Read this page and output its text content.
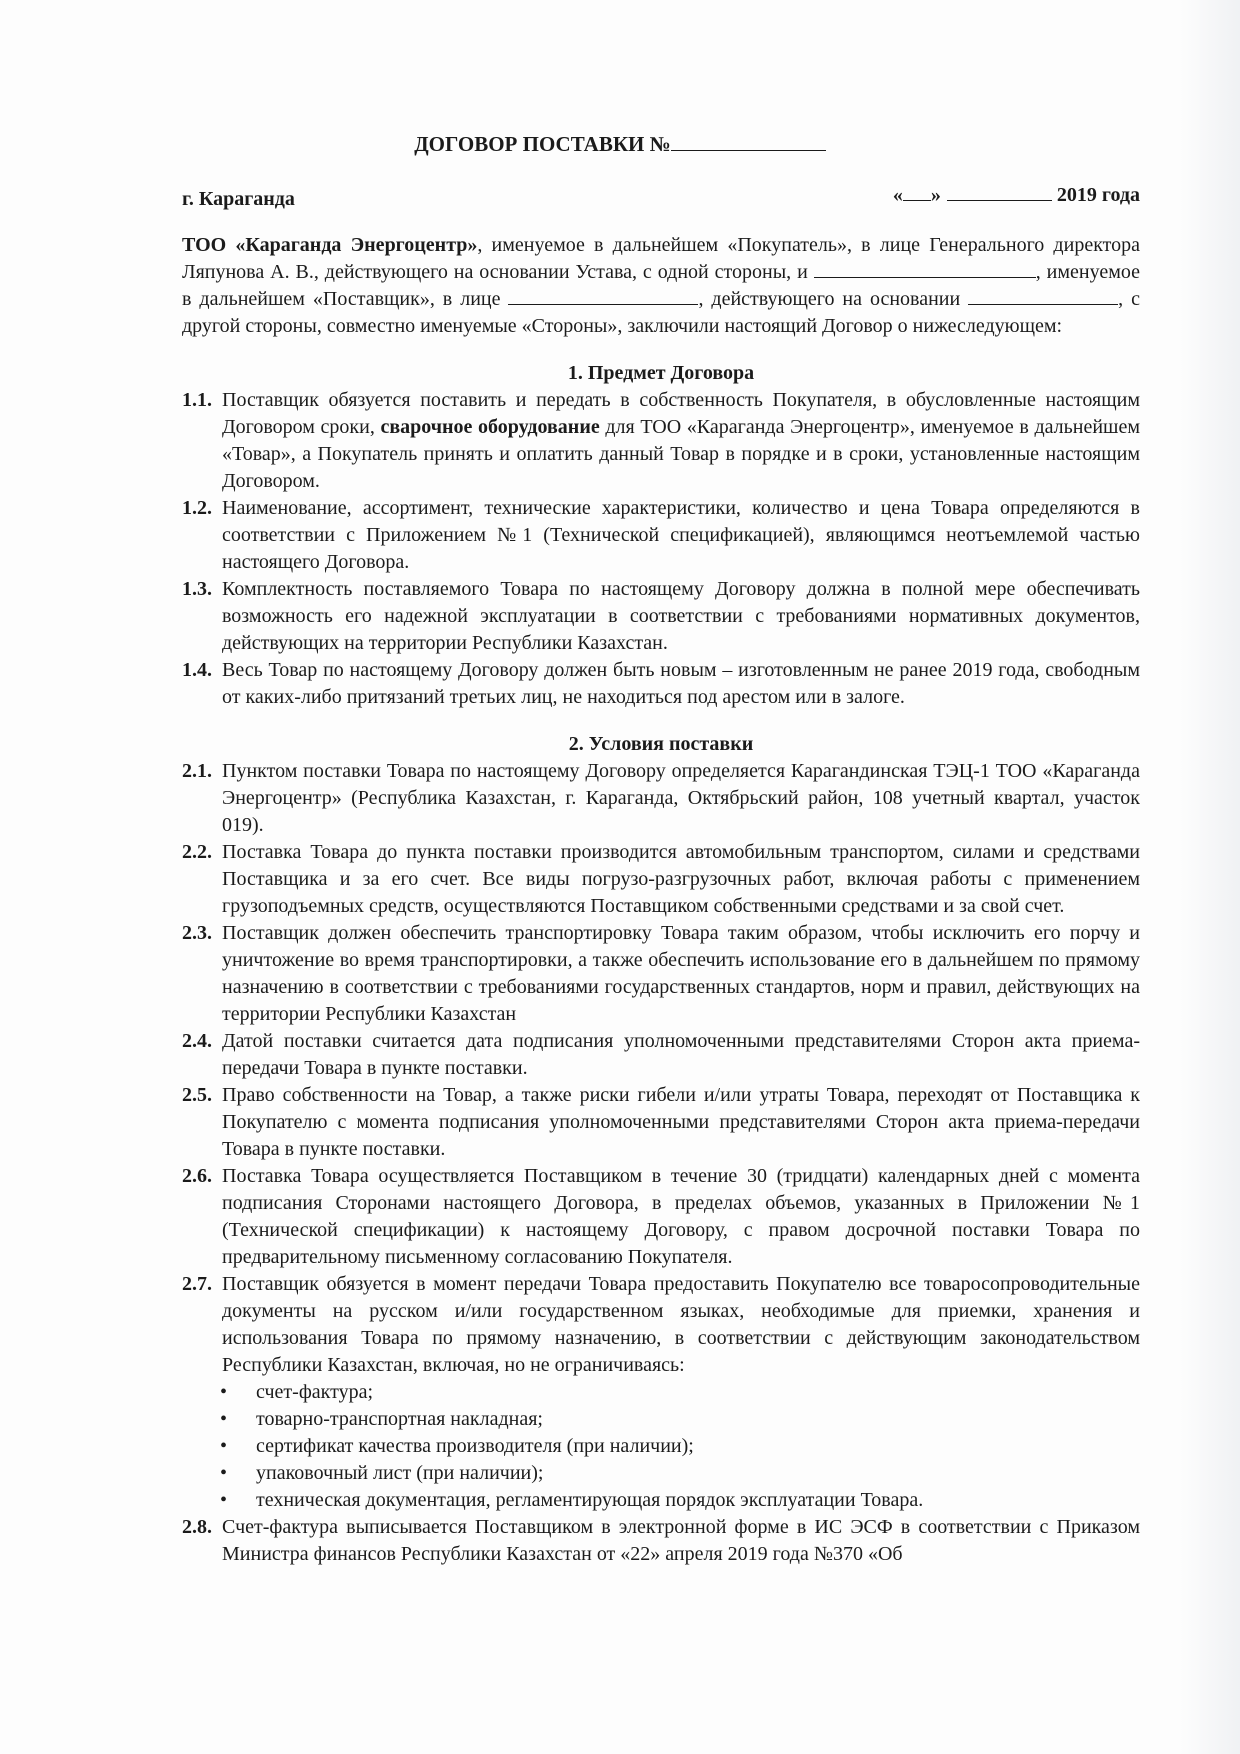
ДОГОВОР ПОСТАВКИ №
г. Караганда	« »	2019 года

ТОО «Караганда Энергоцентр», именуемое в дальнейшем «Покупатель», в лице Генерального директора Ляпунова А. В., действующего на основании Устава, с одной стороны, и	, именуемое в дальнейшем «Поставщик», в лице	, действующего на основании	, с другой стороны, совместно именуемые «Стороны», заключили настоящий Договор о нижеследующем:

1. Предмет Договора
1.1. Поставщик обязуется поставить и передать в собственность Покупателя, в обусловленные настоящим Договором сроки, сварочное оборудование для ТОО «Караганда Энергоцентр», именуемое в дальнейшем «Товар», а Покупатель принять и оплатить данный Товар в порядке и в сроки, установленные настоящим Договором.
1.2. Наименование, ассортимент, технические характеристики, количество и цена Товара определяются в соответствии с Приложением №1 (Технической спецификацией), являющимся неотъемлемой частью настоящего Договора.
1.3. Комплектность поставляемого Товара по настоящему Договору должна в полной мере обеспечивать возможность его надежной эксплуатации в соответствии с требованиями нормативных документов, действующих на территории Республики Казахстан.
1.4. Весь Товар по настоящему Договору должен быть новым – изготовленным не ранее 2019 года, свободным от каких-либо притязаний третьих лиц, не находиться под арестом или в залоге.
2. Условия поставки
2.1. Пунктом поставки Товара по настоящему Договору определяется Карагандинская ТЭЦ-1 ТОО «Караганда Энергоцентр» (Республика Казахстан, г. Караганда, Октябрьский район, 108 учетный квартал, участок 019).
2.2. Поставка Товара до пункта поставки производится автомобильным транспортом, силами и средствами Поставщика и за его счет. Все виды погрузо-разгрузочных работ, включая работы с применением грузоподъемных средств, осуществляются Поставщиком собственными средствами и за свой счет.
2.3. Поставщик должен обеспечить транспортировку Товара таким образом, чтобы исключить его порчу и уничтожение во время транспортировки, а также обеспечить использование его в дальнейшем по прямому назначению в соответствии с требованиями государственных стандартов, норм и правил, действующих на территории Республики Казахстан
2.4. Датой поставки считается дата подписания уполномоченными представителями Сторон акта приема-передачи Товара в пункте поставки.
2.5. Право собственности на Товар, а также риски гибели и/или утраты Товара, переходят от Поставщика к Покупателю с момента подписания уполномоченными представителями Сторон акта приема-передачи Товара в пункте поставки.
2.6. Поставка Товара осуществляется Поставщиком в течение 30 (тридцати) календарных дней с момента подписания Сторонами настоящего Договора, в пределах объемов, указанных в Приложении №1 (Технической спецификации) к настоящему Договору, с правом досрочной поставки Товара по предварительному письменному согласованию Покупателя.
2.7. Поставщик обязуется в момент передачи Товара предоставить Покупателю все товаросопроводительные документы на русском и/или государственном языках, необходимые для приемки, хранения и использования Товара по прямому назначению, в соответствии с действующим законодательством Республики Казахстан, включая, но не ограничиваясь:
•
счет-фактура;
•
товарно-транспортная накладная;
•
сертификат качества производителя (при наличии);
•
упаковочный лист (при наличии);
•
техническая документация, регламентирующая порядок эксплуатации Товара.
2.8. Счет-фактура выписывается Поставщиком в электронной форме в ИС ЭСФ в соответствии с Приказом Министра финансов Республики Казахстан от «22» апреля 2019 года №370 «Об
